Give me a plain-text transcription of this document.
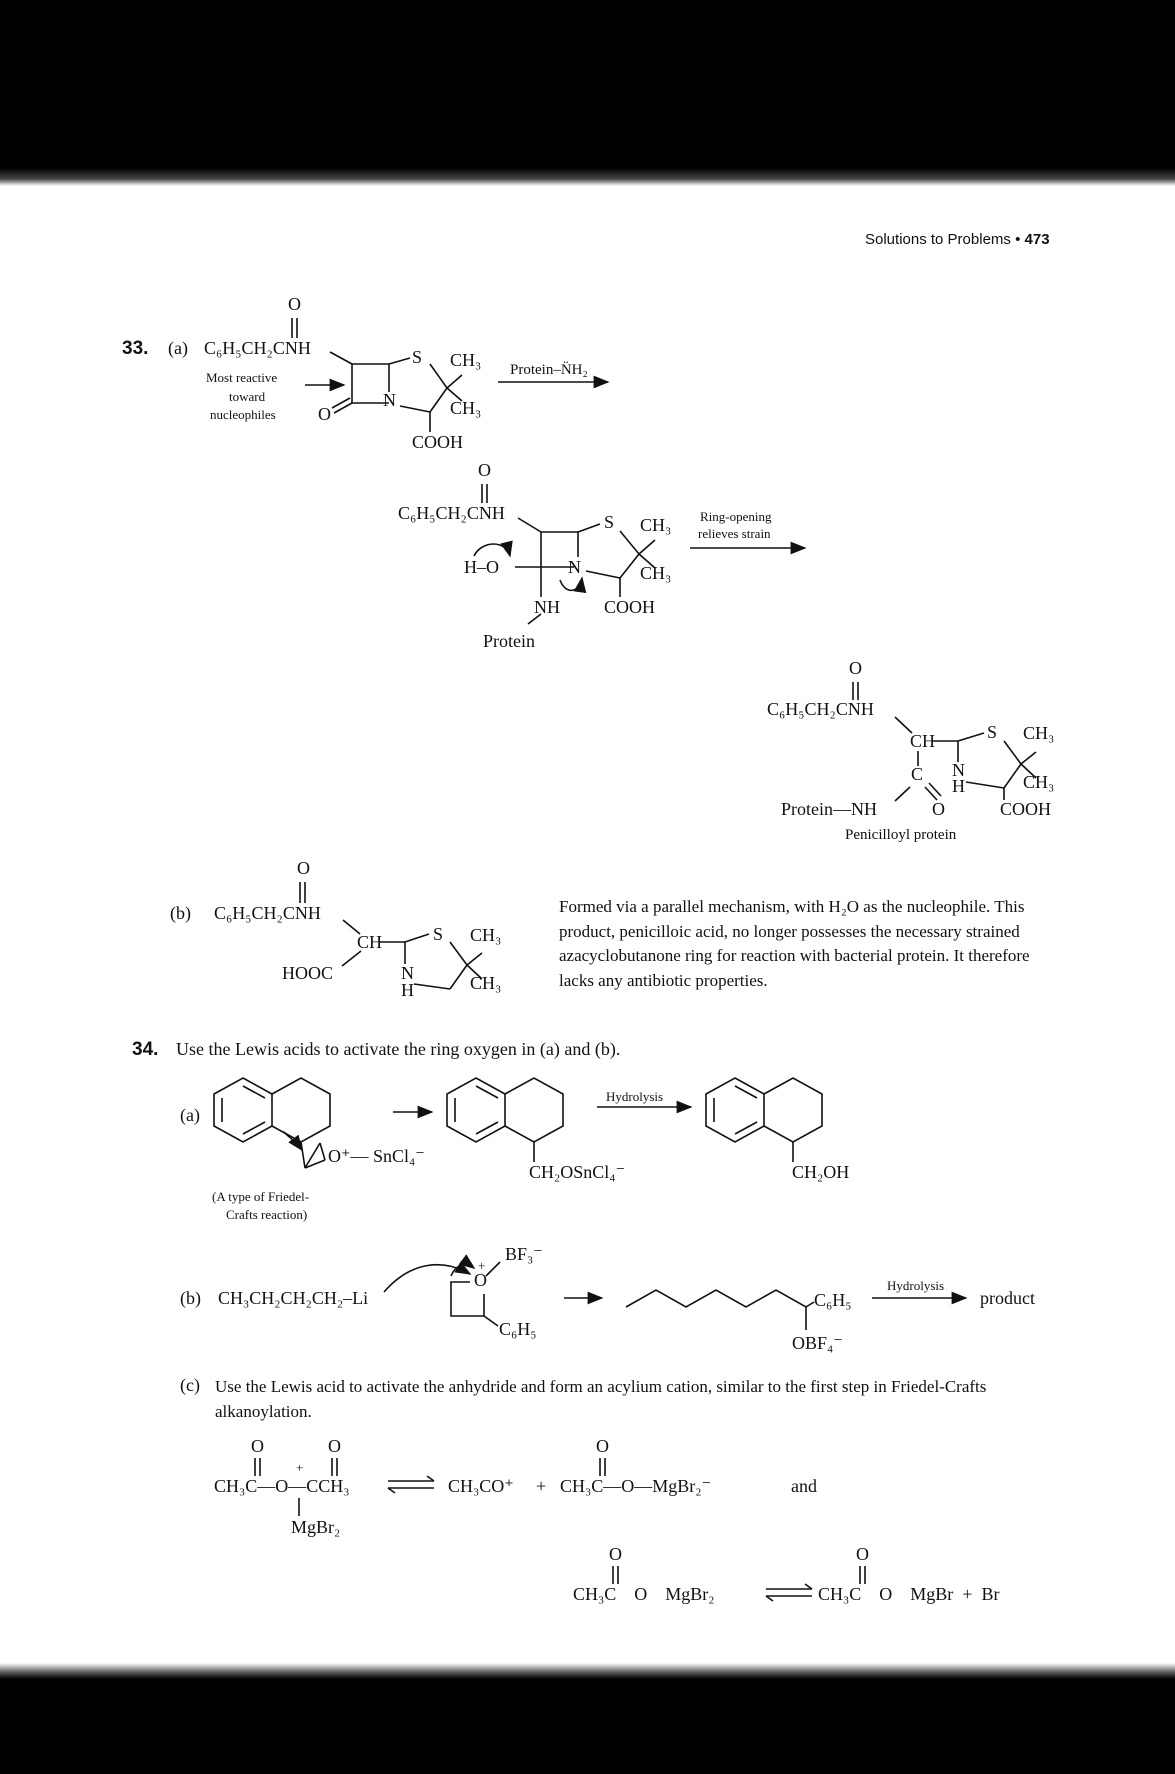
Solutions to Problems • 473
33. (a)
O
C₆H₅CH₂CNH	S CH₃
N	CH₃
O
COOH
Most reactive
toward
nucleophiles
Protein–N̈H₂
O
C₆H₅CH₂CNH	S CH₃
H–O	N	CH₃
NH COOH
Protein
Ring-opening
relieves strain
O
C₆H₅CH₂CNH
CH	S CH₃
C N
H	CH₃
Protein—NH	O	COOH
Penicilloyl protein
(b)
O
C₆H₅CH₂CNH
CH	S CH₃
HOOC	N
H	CH₃
Formed via a parallel mechanism, with H₂O as the nucleophile. This product, penicilloic acid, no longer possesses the necessary strained azacyclobutanone ring for reaction with bacterial protein. It therefore lacks any antibiotic properties.
34. Use the Lewis acids to activate the ring oxygen in (a) and (b).
(a)
O⁺— SnCl₄⁻
CH₂OSnCl₄⁻
Hydrolysis
CH₂OH
(A type of Friedel-
Crafts reaction)
(b) CH₃CH₂CH₂CH₂–Li
BF₃⁻
O
+
C₆H₅
C₆H₅
OBF₄⁻
Hydrolysis
product
(c) Use the Lewis acid to activate the anhydride and form an acylium cation, similar to the first step in Friedel-Crafts alkanoylation.
O	O
+
CH₃C—O—CCH₃
MgBr₂
CH₃CO⁺ +
O
CH₃C—O—MgBr₂⁻	and
O
CH₃C    O    MgBr₂
O
CH₃C    O    MgBr  +  Br
